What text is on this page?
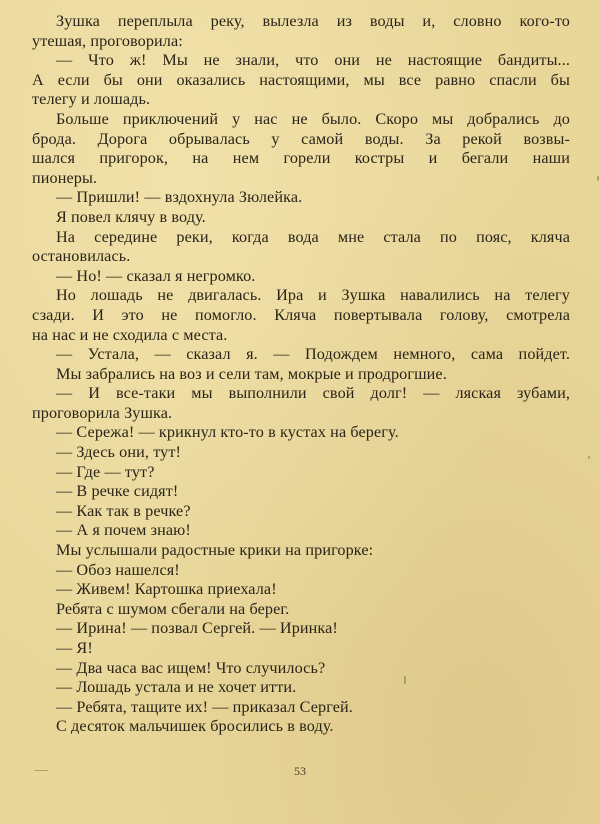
Зушка переплыла реку, вылезла из воды и, словно кого-то
утешая, проговорила:
— Что ж! Мы не знали, что они не настоящие бандиты...
А если бы они оказались настоящими, мы все равно спасли бы
телегу и лошадь.
Больше приключений у нас не было. Скоро мы добрались до
брода. Дорога обрывалась у самой воды. За рекой возвы-
шался пригорок, на нем горели костры и бегали наши
пионеры.
— Пришли! — вздохнула Зюлейка.
Я повел клячу в воду.
На середине реки, когда вода мне стала по пояс, кляча
остановилась.
— Но! — сказал я негромко.
Но лошадь не двигалась. Ира и Зушка навалились на телегу
сзади. И это не помогло. Кляча повертывала голову, смотрела
на нас и не сходила с места.
— Устала, — сказал я. — Подождем немного, сама пойдет.
Мы забрались на воз и сели там, мокрые и продрогшие.
— И все-таки мы выполнили свой долг! — ляская зубами,
проговорила Зушка.
— Сережа! — крикнул кто-то в кустах на берегу.
— Здесь они, тут!
— Где — тут?
— В речке сидят!
— Как так в речке?
— А я почем знаю!
Мы услышали радостные крики на пригорке:
— Обоз нашелся!
— Живем! Картошка приехала!
Ребята с шумом сбегали на берег.
— Ирина! — позвал Сергей. — Иринка!
— Я!
— Два часа вас ищем! Что случилось?
— Лошадь устала и не хочет итти.
— Ребята, тащите их! — приказал Сергей.
С десяток мальчишек бросились в воду.
53
